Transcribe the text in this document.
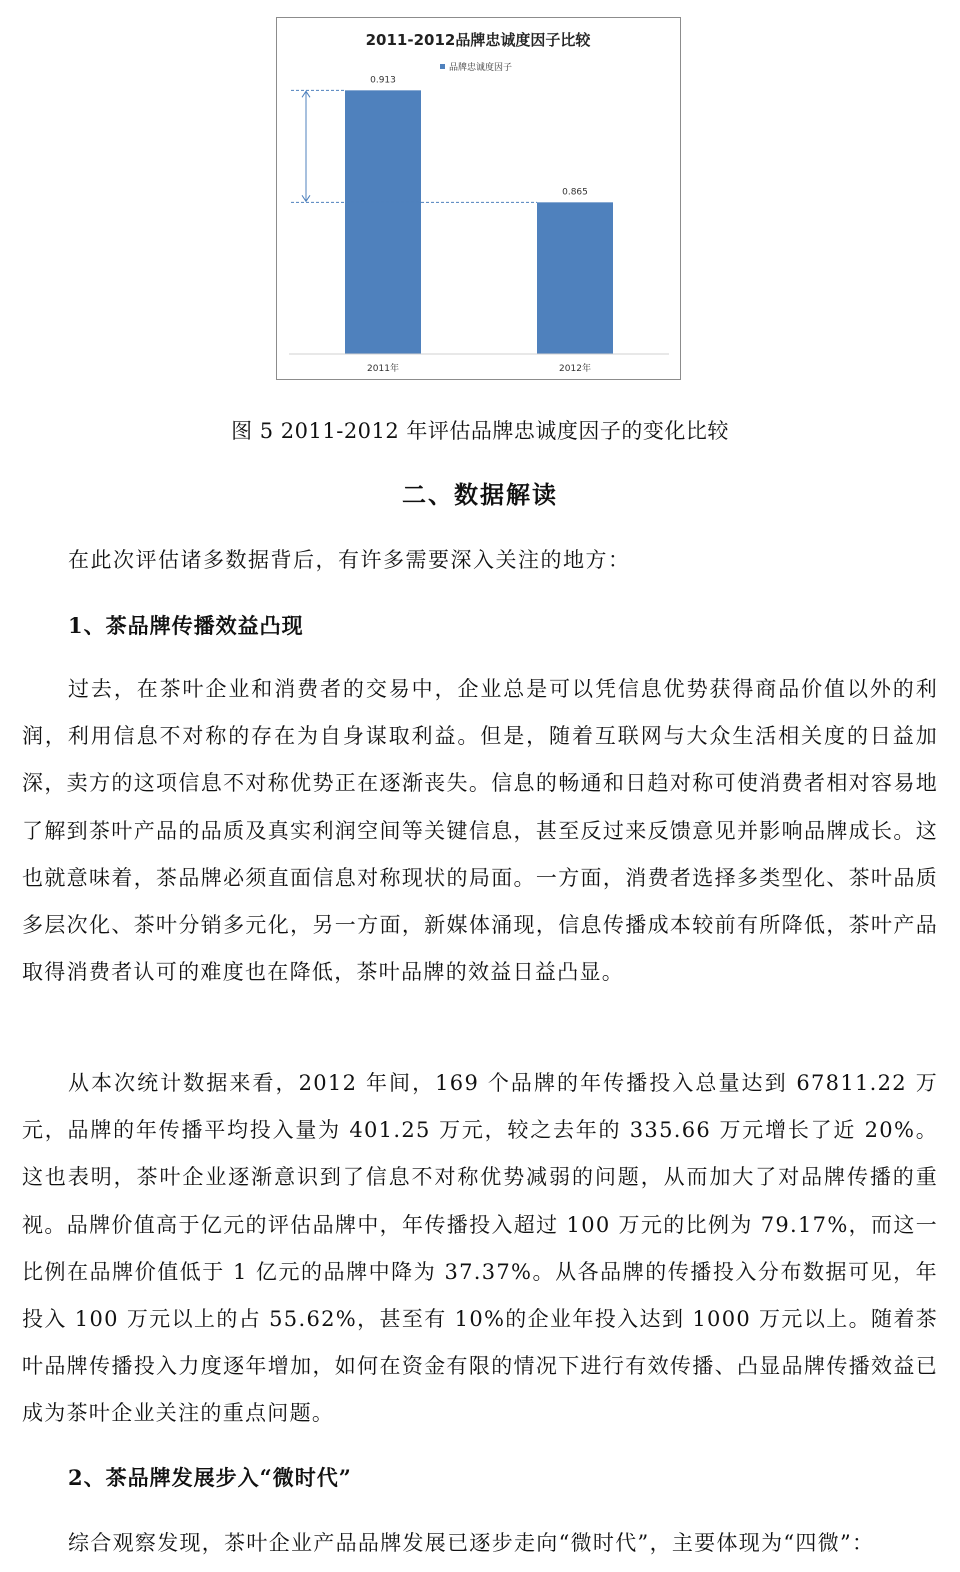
2011-2012品牌忠诚度因子比较
品牌忠诚度因子
0.913
2011年
0.865
2012年
图 5 2011-2012 年评估品牌忠诚度因子的变化比较
二、数据解读
在此次评估诸多数据背后，有许多需要深入关注的地方：
1、茶品牌传播效益凸现
过去，在茶叶企业和消费者的交易中，企业总是可以凭信息优势获得商品价值以外的利润，利用信息不对称的存在为自身谋取利益。但是，随着互联网与大众生活相关度的日益加深，卖方的这项信息不对称优势正在逐渐丧失。信息的畅通和日趋对称可使消费者相对容易地了解到茶叶产品的品质及真实利润空间等关键信息，甚至反过来反馈意见并影响品牌成长。这也就意味着，茶品牌必须直面信息对称现状的局面。一方面，消费者选择多类型化、茶叶品质多层次化、茶叶分销多元化，另一方面，新媒体涌现，信息传播成本较前有所降低，茶叶产品取得消费者认可的难度也在降低，茶叶品牌的效益日益凸显。
从本次统计数据来看，2012 年间，169 个品牌的年传播投入总量达到 67811.22 万元，品牌的年传播平均投入量为 401.25 万元，较之去年的 335.66 万元增长了近 20%。这也表明，茶叶企业逐渐意识到了信息不对称优势减弱的问题，从而加大了对品牌传播的重视。品牌价值高于亿元的评估品牌中，年传播投入超过 100 万元的比例为 79.17%，而这一比例在品牌价值低于 1 亿元的品牌中降为 37.37%。从各品牌的传播投入分布数据可见，年投入 100 万元以上的占 55.62%，甚至有 10%的企业年投入达到 1000 万元以上。随着茶叶品牌传播投入力度逐年增加，如何在资金有限的情况下进行有效传播、凸显品牌传播效益已成为茶叶企业关注的重点问题。
2、茶品牌发展步入“微时代”
综合观察发现，茶叶企业产品品牌发展已逐步走向“微时代”，主要体现为“四微”：
